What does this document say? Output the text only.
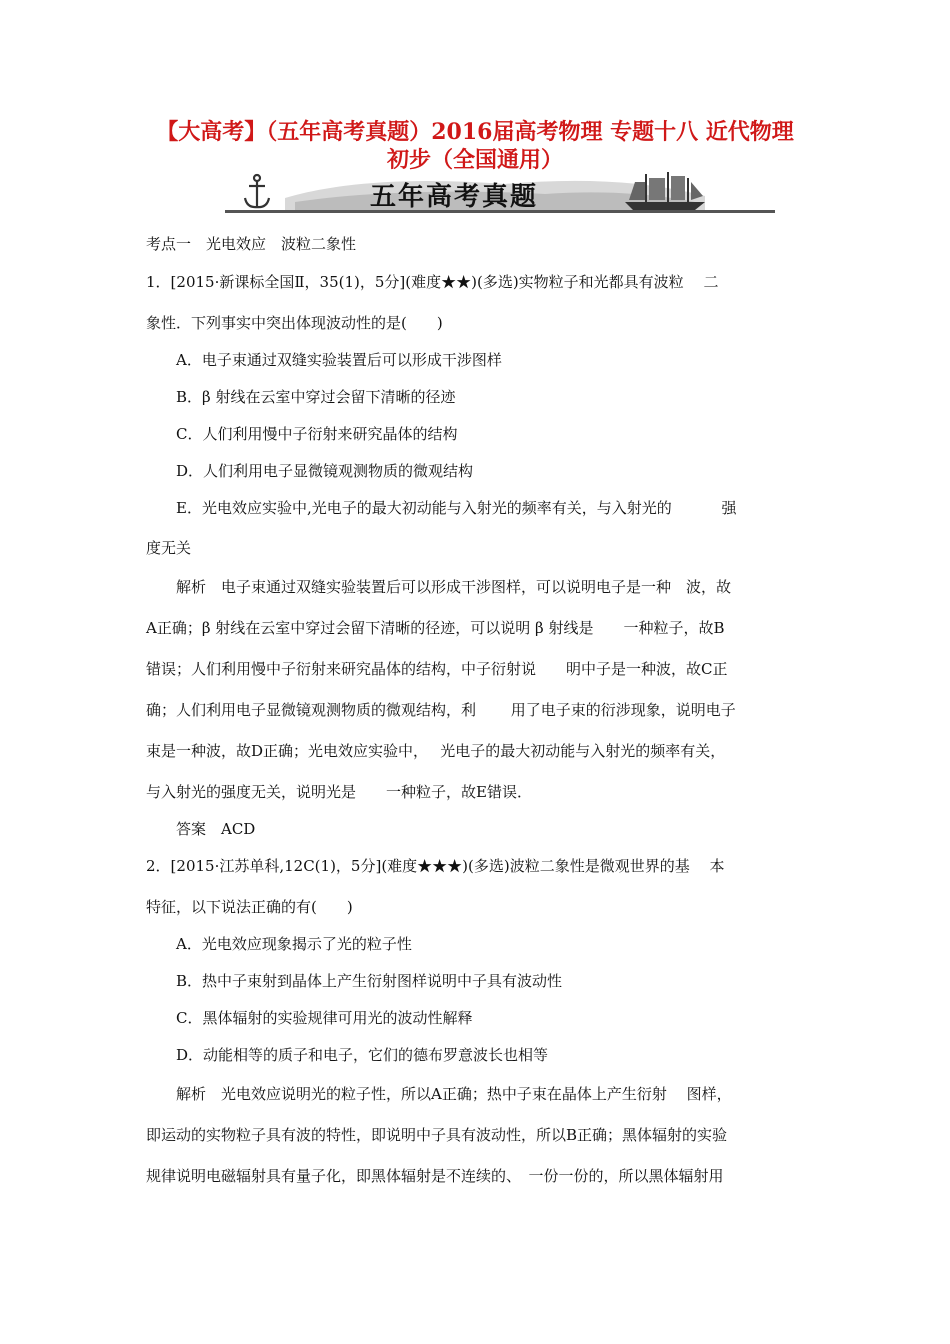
【大高考】（五年高考真题）2016届高考物理 专题十八 近代物理
初步（全国通用）
五年高考真题
考点一　光电效应　波粒二象性
1．[2015·新课标全国Ⅱ，35(1)，5分](难度★★)(多选)实物粒子和光都具有波粒　 二
象性．下列事实中突出体现波动性的是(　　)
A．电子束通过双缝实验装置后可以形成干涉图样
B．β 射线在云室中穿过会留下清晰的径迹
C．人们利用慢中子衍射来研究晶体的结构
D．人们利用电子显微镜观测物质的微观结构
E．光电效应实验中,光电子的最大初动能与入射光的频率有关，与入射光的　　　 强
度无关
解析　电子束通过双缝实验装置后可以形成干涉图样，可以说明电子是一种　波，故
A正确；β 射线在云室中穿过会留下清晰的径迹，可以说明 β 射线是　　一种粒子，故B
错误；人们利用慢中子衍射来研究晶体的结构，中子衍射说　　明中子是一种波，故C正
确；人们利用电子显微镜观测物质的微观结构，利　　 用了电子束的衍涉现象，说明电子
束是一种波，故D正确；光电效应实验中，　 光电子的最大初动能与入射光的频率有关，
与入射光的强度无关，说明光是　　一种粒子，故E错误．
答案　ACD
2．[2015·江苏单科,12C(1)，5分](难度★★★)(多选)波粒二象性是微观世界的基　 本
特征，以下说法正确的有(　　)
A．光电效应现象揭示了光的粒子性
B．热中子束射到晶体上产生衍射图样说明中子具有波动性
C．黑体辐射的实验规律可用光的波动性解释
D．动能相等的质子和电子，它们的德布罗意波长也相等
解析　光电效应说明光的粒子性，所以A正确；热中子束在晶体上产生衍射　 图样，
即运动的实物粒子具有波的特性，即说明中子具有波动性，所以B正确；黑体辐射的实验
规律说明电磁辐射具有量子化，即黑体辐射是不连续的、　一份一份的，所以黑体辐射用
